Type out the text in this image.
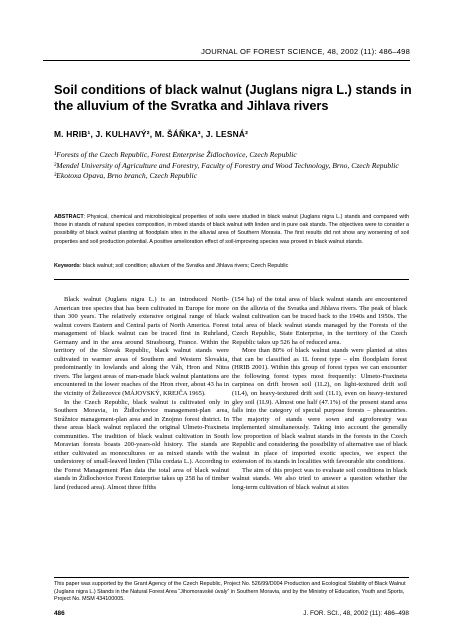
JOURNAL OF FOREST SCIENCE, 48, 2002 (11): 486–498
Soil conditions of black walnut (Juglans nigra L.) stands in the alluvium of the Svratka and Jihlava rivers
M. HRIB¹, J. KULHAVÝ², M. ŠÁŇKA³, J. LESNÁ²
¹Forests of the Czech Republic, Forest Enterprise Židlochovice, Czech Republic
²Mendel University of Agriculture and Forestry, Faculty of Forestry and Wood Technology, Brno, Czech Republic
³Ekotoxa Opava, Brno branch, Czech Republic
ABSTRACT: Physical, chemical and microbiological properties of soils were studied in black walnut (Juglans nigra L.) stands and compared with those in stands of natural species composition, in mixed stands of black walnut with linden and in pure oak stands. The objectives were to consider a possibility of black walnut planting at floodplain sites in the alluvial area of Southern Moravia. The first results did not show any worsening of soil properties and soil production potential. A positive amelioration effect of soil-improving species was proved in black walnut stands.
Keywords: black walnut; soil condition; alluvium of the Svratka and Jihlava rivers; Czech Republic

Black walnut (Juglans nigra L.) is an introduced North-American tree species that has been cultivated in Europe for more than 300 years. The relatively extensive original range of black walnut covers Eastern and Central parts of North America. Forest management of black walnut can be traced first in Ruhrland, Germany and in the area around Strasbourg, France. Within the territory of the Slovak Republic, black walnut stands were cultivated in warmer areas of Southern and Western Slovakia, predominantly in lowlands and along the Váh, Hron and Nitra rivers. The largest areas of man-made black walnut plantations are encountered in the lower reaches of the Hron river, about 43 ha in the vicinity of Želiezovce (MÁJOVSKÝ, KREJČA 1965).

In the Czech Republic, black walnut is cultivated only in Southern Moravia, in Židlochovice management-plan area, Strážnice management-plan area and in Znojmo forest district. In these areas black walnut replaced the original Ulmeto-Fraxineta communities. The tradition of black walnut cultivation in South Moravian forests boasts 200-years-old history. The stands are either cultivated as monocultures or as mixed stands with the understorey of small-leaved linden (Tilia cordata L.). According to the Forest Management Plan data the total area of black walnut stands in Židlochovice Forest Enterprise takes up 258 ha of timber land (reduced area). Almost three fifths

(154 ha) of the total area of black walnut stands are encountered on the alluvia of the Svratka and Jihlava rivers. The peak of black walnut cultivation can be traced back to the 1940s and 1950s. The total area of black walnut stands managed by the Forests of the Czech Republic, State Enterprise, in the territory of the Czech Republic takes up 526 ha of reduced area.

More than 80% of black walnut stands were planted at sites that can be classified as 1L forest type – elm floodplain forest (HRIB 2001). Within this group of forest types we can encounter the following forest types most frequently: Ulmeto-Fraxineta carpinea on drift brown soil (1L2), on light-textured drift soil (1L4), on heavy-textured drift soil (1L1), even on heavy-textured gley soil (1L9). Almost one half (47.1%) of the present stand area falls into the category of special purpose forests – pheasantries. The majority of stands were sown and agroforestry was implemented simultaneously. Taking into account the generally low proportion of black walnut stands in the forests in the Czech Republic and considering the possibility of alternative use of black walnut in place of imported exotic species, we expect the extension of its stands in localities with favourable site conditions.

The aim of this project was to evaluate soil conditions in black walnut stands. We also tried to answer a question whether the long-term cultivation of black walnut at sites

This paper was supported by the Grant Agency of the Czech Republic, Project No. 526/99/D004 Production and Ecological Stability of Black Walnut (Juglans nigra L.) Stands in the Natural Forest Area “Jihomoravské úvaly” in Southern Moravia, and by the Ministry of Education, Youth and Sports, Project No. MSM 434100005.
486	J. FOR. SCI., 48, 2002 (11): 486–498
